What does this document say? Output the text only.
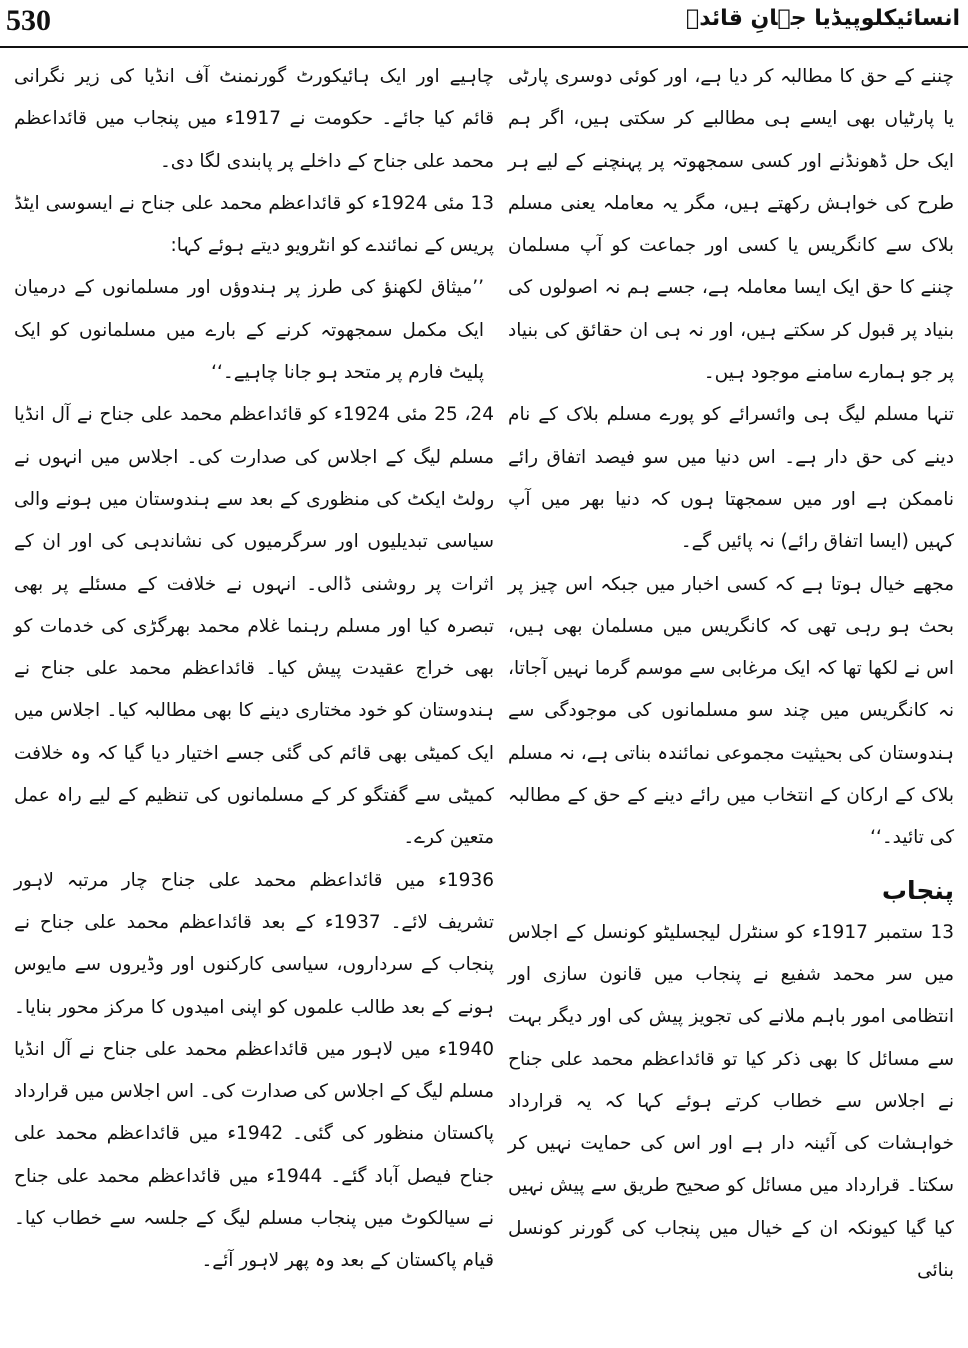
530	انسائیکلوپیڈیا جہانِ قائدؒ

چننے کے حق کا مطالبہ کر دیا ہے، اور کوئی دوسری پارٹی یا پارٹیاں بھی ایسے ہی مطالبے کر سکتی ہیں، اگر ہم ایک حل ڈھونڈنے اور کسی سمجھوتہ پر پہنچنے کے لیے ہر طرح کی خواہش رکھتے ہیں، مگر یہ معاملہ یعنی مسلم بلاک سے کانگریس یا کسی اور جماعت کو آپ مسلمان چننے کا حق ایک ایسا معاملہ ہے، جسے ہم نہ اصولوں کی بنیاد پر قبول کر سکتے ہیں، اور نہ ہی ان حقائق کی بنیاد پر جو ہمارے سامنے موجود ہیں۔

تنہا مسلم لیگ ہی وائسرائے کو پورے مسلم بلاک کے نام دینے کی حق دار ہے۔ اس دنیا میں سو فیصد اتفاق رائے ناممکن ہے اور میں سمجھتا ہوں کہ دنیا بھر میں آپ کہیں (ایسا اتفاق رائے) نہ پائیں گے۔

مجھے خیال ہوتا ہے کہ کسی اخبار میں جبکہ اس چیز پر بحث ہو رہی تھی کہ کانگریس میں مسلمان بھی ہیں، اس نے لکھا تھا کہ ایک مرغابی سے موسم گرما نہیں آجاتا، نہ کانگریس میں چند سو مسلمانوں کی موجودگی سے ہندوستان کی بحیثیت مجموعی نمائندہ بناتی ہے، نہ مسلم بلاک کے ارکان کے انتخاب میں رائے دینے کے حق کے مطالبہ کی تائید۔‘‘

پنجاب

13 ستمبر 1917ء کو سنٹرل لیجسلیٹو کونسل کے اجلاس میں سر محمد شفیع نے پنجاب میں قانون سازی اور انتظامی امور باہم ملانے کی تجویز پیش کی اور دیگر بہت سے مسائل کا بھی ذکر کیا تو قائداعظم محمد علی جناح نے اجلاس سے خطاب کرتے ہوئے کہا کہ یہ قرارداد خواہشات کی آئینہ دار ہے اور اس کی حمایت نہیں کر سکتا۔ قرارداد میں مسائل کو صحیح طریق سے پیش نہیں کیا گیا کیونکہ ان کے خیال میں پنجاب کی گورنر کونسل بنائی

چاہیے اور ایک ہائیکورٹ گورنمنٹ آف انڈیا کی زیر نگرانی قائم کیا جائے۔ حکومت نے 1917ء میں پنجاب میں قائداعظم محمد علی جناح کے داخلے پر پابندی لگا دی۔

13 مئی 1924ء کو قائداعظم محمد علی جناح نے ایسوسی ایٹڈ پریس کے نمائندے کو انٹرویو دیتے ہوئے کہا:

’’میثاق لکھنؤ کی طرز پر ہندوؤں اور مسلمانوں کے درمیان ایک مکمل سمجھوتہ کرنے کے بارے میں مسلمانوں کو ایک پلیٹ فارم پر متحد ہو جانا چاہیے۔‘‘

24، 25 مئی 1924ء کو قائداعظم محمد علی جناح نے آل انڈیا مسلم لیگ کے اجلاس کی صدارت کی۔ اجلاس میں انہوں نے رولٹ ایکٹ کی منظوری کے بعد سے ہندوستان میں ہونے والی سیاسی تبدیلیوں اور سرگرمیوں کی نشاندہی کی اور ان کے اثرات پر روشنی ڈالی۔ انہوں نے خلافت کے مسئلے پر بھی تبصرہ کیا اور مسلم رہنما غلام محمد بھرگڑی کی خدمات کو بھی خراج عقیدت پیش کیا۔ قائداعظم محمد علی جناح نے ہندوستان کو خود مختاری دینے کا بھی مطالبہ کیا۔ اجلاس میں ایک کمیٹی بھی قائم کی گئی جسے اختیار دیا گیا کہ وہ خلافت کمیٹی سے گفتگو کر کے مسلمانوں کی تنظیم کے لیے راہ عمل متعین کرے۔

1936ء میں قائداعظم محمد علی جناح چار مرتبہ لاہور تشریف لائے۔ 1937ء کے بعد قائداعظم محمد علی جناح نے پنجاب کے سرداروں، سیاسی کارکنوں اور وڈیروں سے مایوس ہونے کے بعد طالب علموں کو اپنی امیدوں کا مرکز محور بنایا۔ 1940ء میں لاہور میں قائداعظم محمد علی جناح نے آل انڈیا مسلم لیگ کے اجلاس کی صدارت کی۔ اس اجلاس میں قرارداد پاکستان منظور کی گئی۔ 1942ء میں قائداعظم محمد علی جناح فیصل آباد گئے۔ 1944ء میں قائداعظم محمد علی جناح نے سیالکوٹ میں پنجاب مسلم لیگ کے جلسہ سے خطاب کیا۔ قیام پاکستان کے بعد وہ پھر لاہور آئے۔
